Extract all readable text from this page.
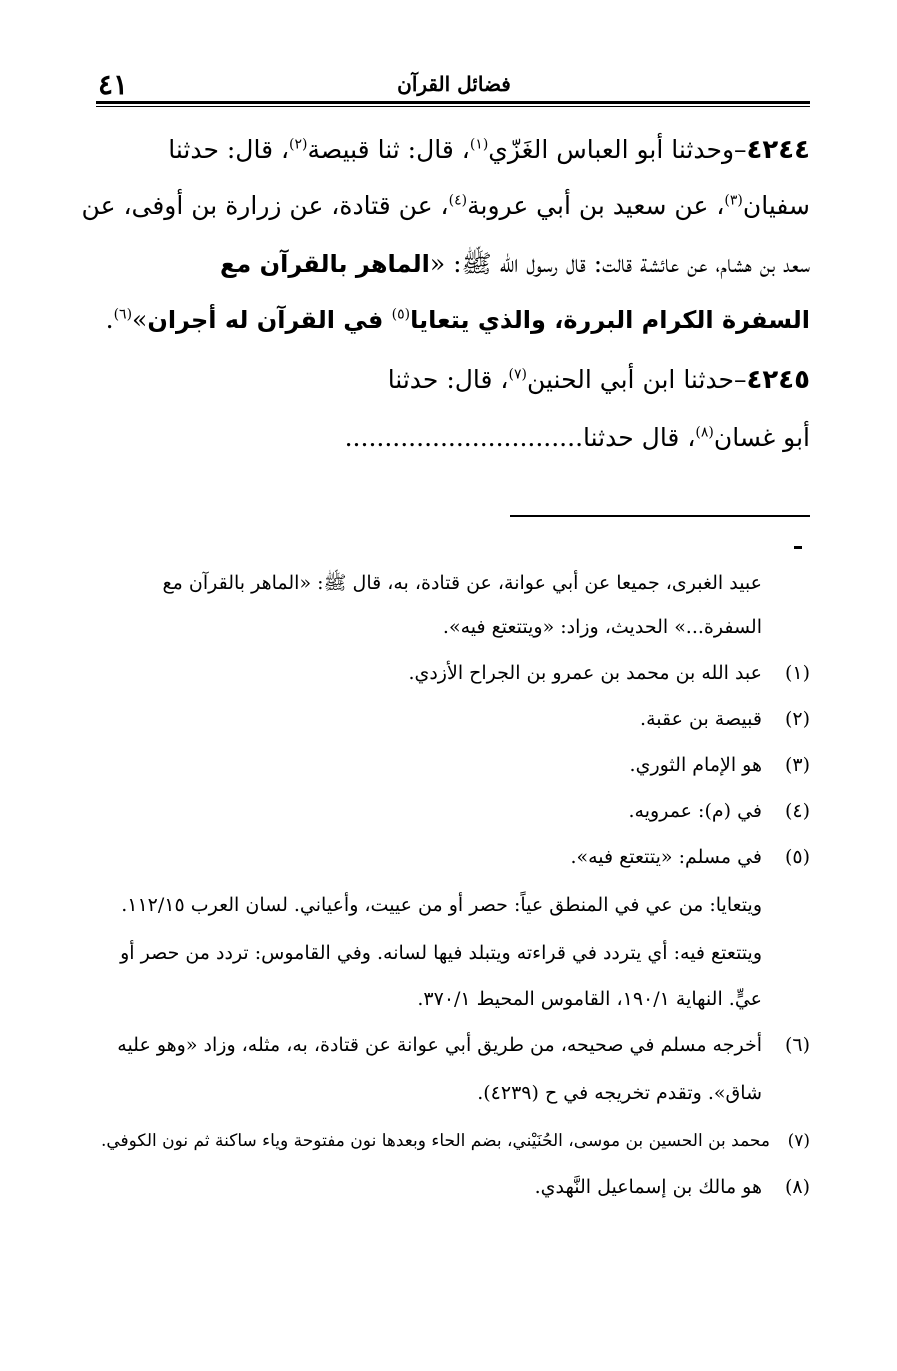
فضائل القرآن
٤١
٤٢٤٤–وحدثنا أبو العباس الغَزّي$^{(١)}$، قال: ثنا قبيصة$^{(٢)}$، قال: حدثنا
سفيان$^{(٣)}$، عن سعيد بن أبي عروبة$^{(٤)}$، عن قتادة، عن زرارة بن أوفى، عن
سعد بن هشام، عن عائشة قالت: قال رسول الله ﷺ: «الماهر بالقرآن مع
السفرة الكرام البررة، والذي يتعايا$^{(٥)}$ في القرآن له أجران»$^{(٦)}$.
٤٢٤٥–حدثنا ابن أبي الحنين$^{(٧)}$، قال: حدثنا
أبو غسان$^{(٨)}$، قال حدثنا..............................
عبيد الغبرى، جميعا عن أبي عوانة، عن قتادة، به، قال ﷺ: «الماهر بالقرآن مع
السفرة...» الحديث، وزاد: «ويتتعتع فيه».
(١)عبد الله بن محمد بن عمرو بن الجراح الأزدي.
(٢)قبيصة بن عقبة.
(٣)هو الإمام الثوري.
(٤)في (م): عمرويه.
(٥)في مسلم: «يتتعتع فيه».
ويتعايا: من عي في المنطق عياً: حصر أو من عييت، وأعياني. لسان العرب ١١٢/١٥.
ويتتعتع فيه: أي يتردد في قراءته ويتبلد فيها لسانه. وفي القاموس: تردد من حصر أو
عيٍّ. النهاية ١٩٠/١، القاموس المحيط ٣٧٠/١.
(٦)أخرجه مسلم في صحيحه، من طريق أبي عوانة عن قتادة، به، مثله، وزاد «وهو عليه
شاق». وتقدم تخريجه في ح (٤٢٣٩).
(٧)محمد بن الحسين بن موسى، الحُنَيْني، بضم الحاء وبعدها نون مفتوحة وياء ساكنة ثم نون الكوفي.
(٨)هو مالك بن إسماعيل النَّهدي.
